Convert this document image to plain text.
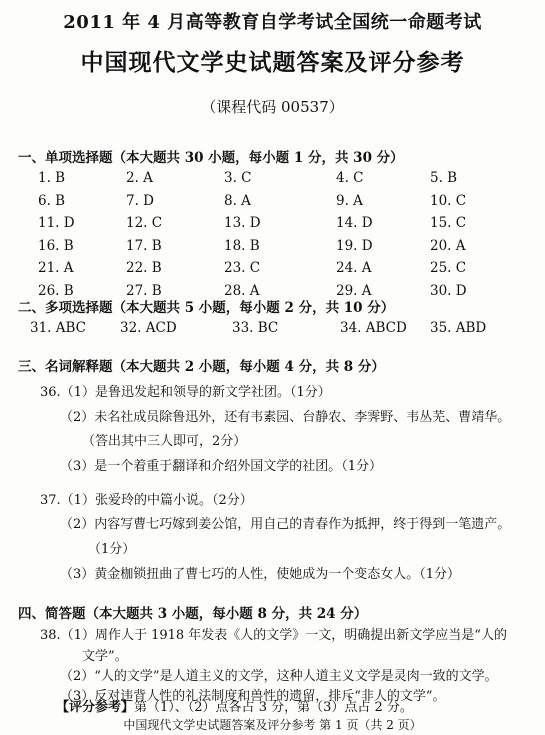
2011 年 4 月高等教育自学考试全国统一命题考试
中国现代文学史试题答案及评分参考
（课程代码 00537）
一、单项选择题（本大题共 30 小题，每小题 1 分，共 30 分）
1. B	2. A	3. C	4. C	5. B
6. B	7. D	8. A	9. A	10. C
11. D	12. C	13. D	14. D	15. C
16. B	17. B	18. B	19. D	20. A
21. A	22. B	23. C	24. A	25. C
26. B	27. B	28. A	29. A	30. D
二、多项选择题（本大题共 5 小题，每小题 2 分，共 10 分）
31. ABC	32. ACD	33. BC	34. ABCD 35. ABD
三、名词解释题（本大题共 2 小题，每小题 4 分，共 8 分）
36.（1）是鲁迅发起和领导的新文学社团。（1分）
（2）未名社成员除鲁迅外，还有韦素园、台静农、李霁野、韦丛芜、曹靖华。
（答出其中三人即可，2分）
（3）是一个着重于翻译和介绍外国文学的社团。（1分）
37.（1）张爱玲的中篇小说。（2分）
（2）内容写曹七巧嫁到姜公馆，用自己的青春作为抵押，终于得到一笔遗产。
（1分）
（3）黄金枷锁扭曲了曹七巧的人性，使她成为一个变态女人。（1分）
四、简答题（本大题共 3 小题，每小题 8 分，共 24 分）
38.（1）周作人于 1918 年发表《人的文学》一文，明确提出新文学应当是“人的
文学”。
（2）“人的文学”是人道主义的文学，这种人道主义文学是灵肉一致的文学。
（3）反对违背人性的礼法制度和兽性的遗留，排斥“非人的文学”。
中国现代文学史试题答案及评分参考 第 1 页（共 2 页）
【评分参考】第（1）、（2）点各占 3 分，第（3）点占 2 分。
